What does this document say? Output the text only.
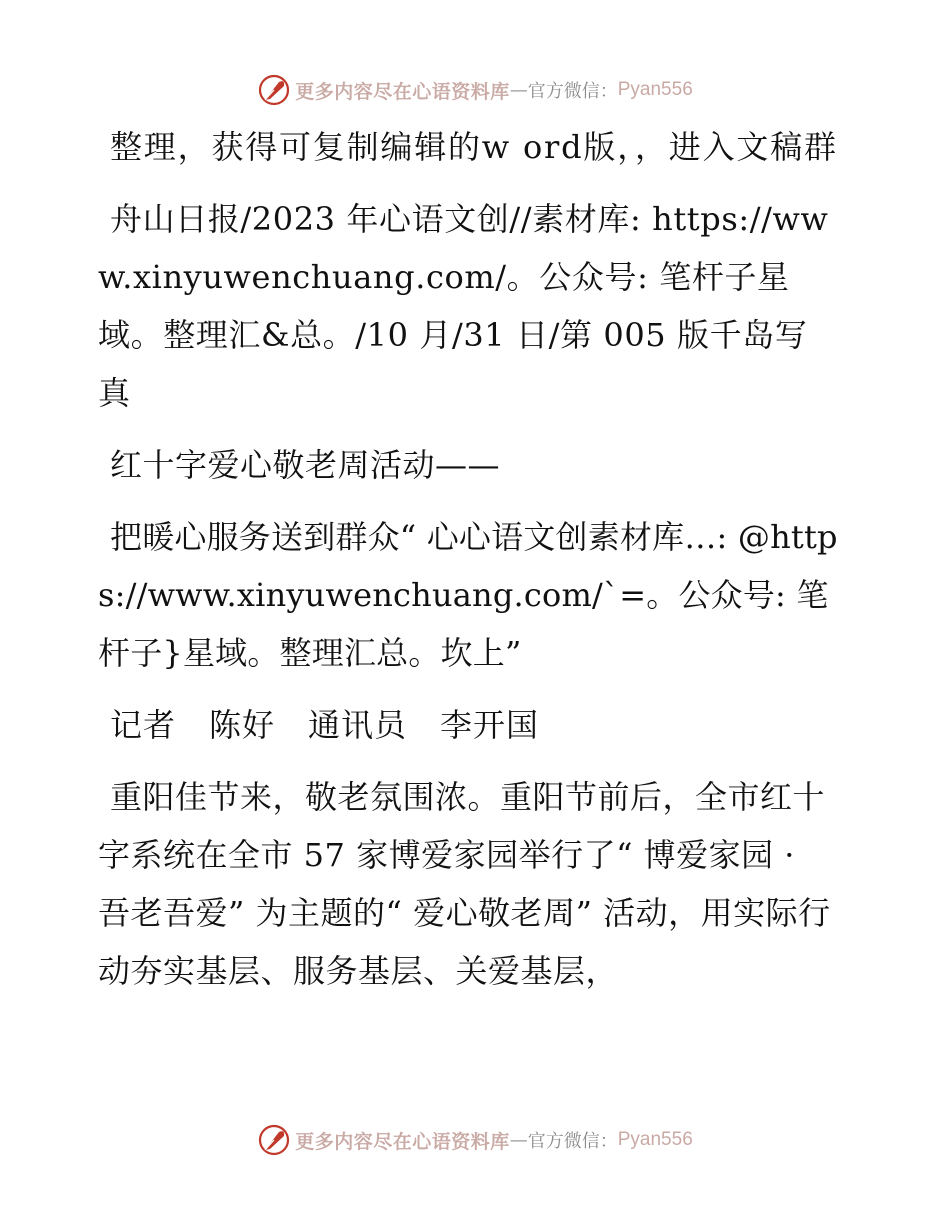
更多内容尽在心语资料库 — 官方微信： Pyan556

整理，获得可复制编辑的w ord版，，进入文稿群

舟山日报/2023 年心语文创//素材库: https://www.xinyuwenchuang.com/。公众号: 笔杆子星域。整理汇&总。/10 月/31 日/第 005 版千岛写真

红十字爱心敬老周活动——

把暖心服务送到群众“ 心心语文创素材库…: @https://www.xinyuwenchuang.com/`=。公众号: 笔杆子}星域。整理汇总。坎上”

记者　陈好　通讯员　李开国

重阳佳节来，敬老氛围浓。重阳节前后，全市红十字系统在全市 57 家博爱家园举行了“ 博爱家园 · 吾老吾爱” 为主题的“ 爱心敬老周” 活动，用实际行动夯实基层、服务基层、关爱基层，

更多内容尽在心语资料库 — 官方微信： Pyan556
